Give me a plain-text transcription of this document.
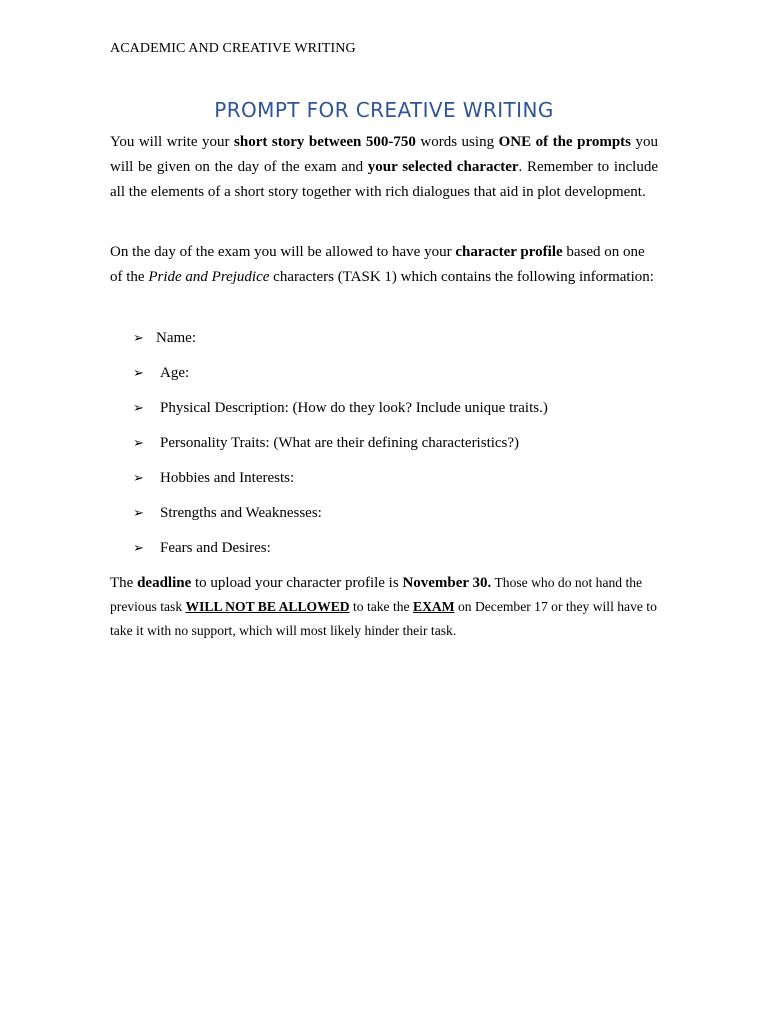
ACADEMIC AND CREATIVE WRITING
PROMPT FOR CREATIVE WRITING

You will write your short story between 500-750 words using ONE of the prompts you will be given on the day of the exam and your selected character. Remember to include all the elements of a short story together with rich dialogues that aid in plot development.

On the day of the exam you will be allowed to have your character profile based on one of the Pride and Prejudice characters (TASK 1) which contains the following information:

➢ Name:
➢	Age:
➢	Physical Description: (How do they look? Include unique traits.)
➢	Personality Traits: (What are their defining characteristics?)
➢	Hobbies and Interests:
➢	Strengths and Weaknesses:
➢	Fears and Desires:

The deadline to upload your character profile is November 30. Those who do not hand the previous task WILL NOT BE ALLOWED to take the EXAM on December 17 or they will have to take it with no support, which will most likely hinder their task.
